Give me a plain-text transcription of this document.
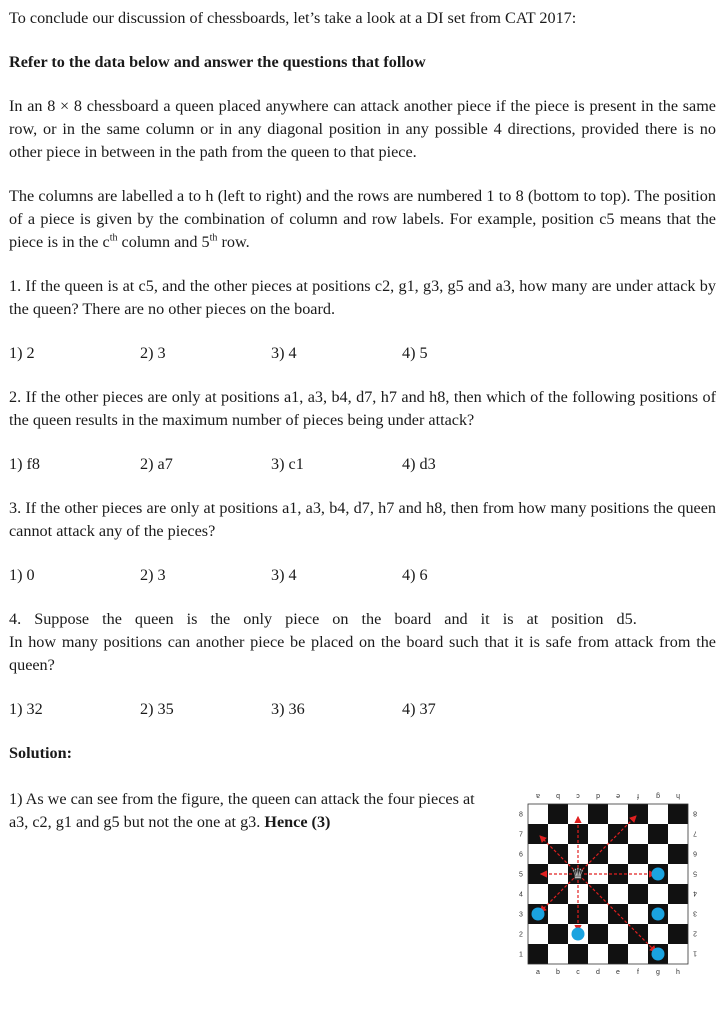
To conclude our discussion of chessboards, let’s take a look at a DI set from CAT 2017:

Refer to the data below and answer the questions that follow

In an 8 × 8 chessboard a queen placed anywhere can attack another piece if the piece is present in the same row, or in the same column or in any diagonal position in any possible 4 directions, provided there is no other piece in between in the path from the queen to that piece.

The columns are labelled a to h (left to right) and the rows are numbered 1 to 8 (bottom to top). The position of a piece is given by the combination of column and row labels. For example, position c5 means that the piece is in the $c^{th}$ column and 5th row.

1. If the queen is at c5, and the other pieces at positions c2, g1, g3, g5 and a3, how many are under attack by the queen? There are no other pieces on the board.

1) 2	2) 3	3) 4	4) 5

2. If the other pieces are only at positions a1, a3, b4, d7, h7 and h8, then which of the following positions of the queen results in the maximum number of pieces being under attack?

1) f8	2) a7	3) c1	4) d3

3. If the other pieces are only at positions a1, a3, b4, d7, h7 and h8, then from how many positions the queen cannot attack any of the pieces?

1) 0	2) 3	3) 4	4) 6

4. Suppose the queen is the only piece on the board and it is at position d5.

In how many positions can another piece be placed on the board such that it is safe from attack from the queen?

1) 32	2) 35	3) 36	4) 37

Solution:

1) As we can see from the figure, the queen can attack the four pieces at a3, c2, g1 and g5 but not the one at g3. Hence (3)

a
a
b
b
c
c
d
d
e
e
f
f
g
g
h
h
1	1
2	2
3	3
4	4
5	5
6	6
7	7
8	8
♛
